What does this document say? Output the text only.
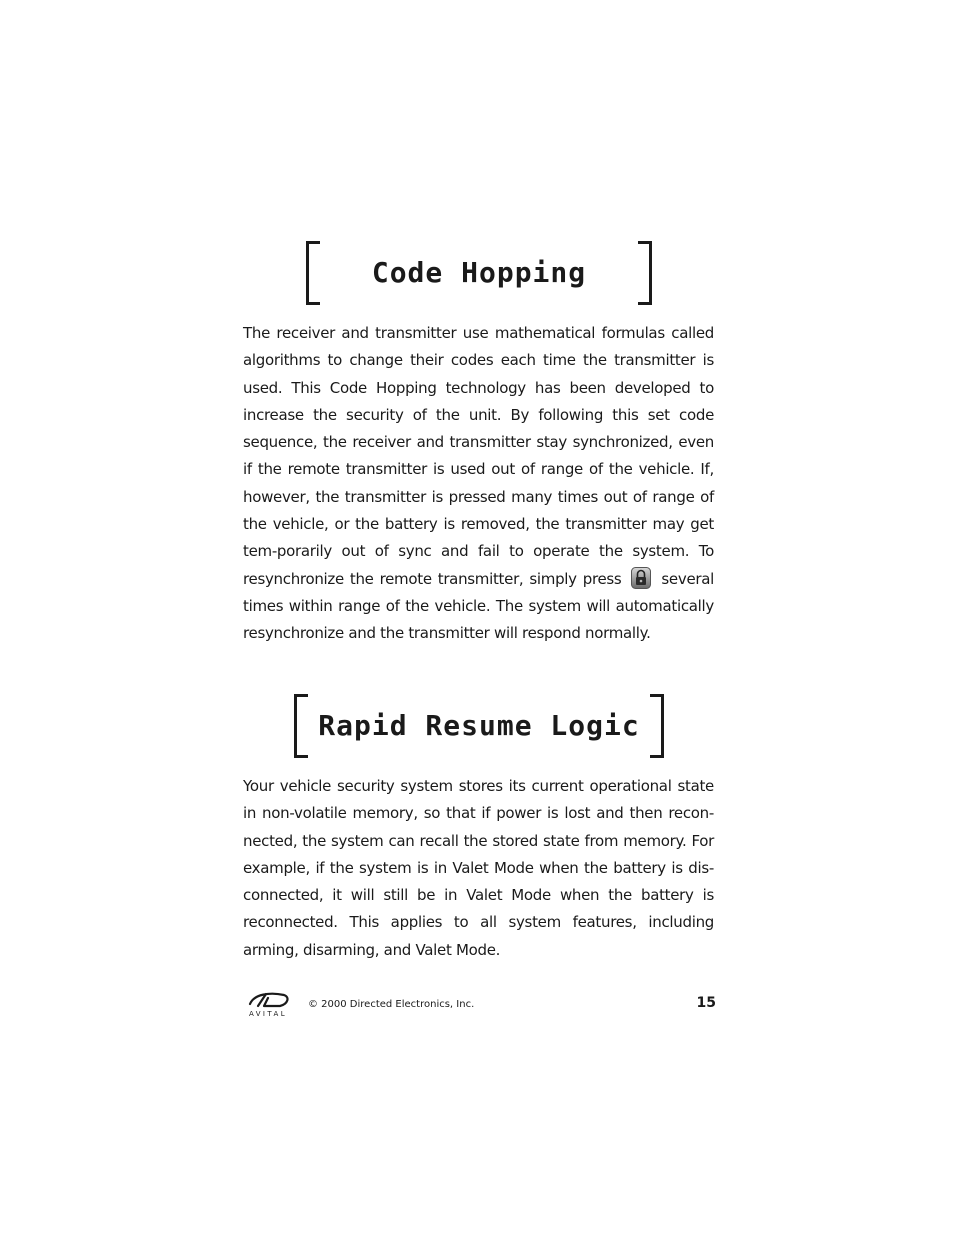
Code Hopping

The receiver and transmitter use mathematical formulas called algorithms to change their codes each time the transmitter is used. This Code Hopping technology has been developed to increase the security of the unit. By following this set code sequence, the receiver and transmitter stay synchronized, even if the remote transmitter is used out of range of the vehicle. If, however, the transmitter is pressed many times out of range of the vehicle, or the battery is removed, the transmitter may get tem-porarily out of sync and fail to operate the system. To resynchronize the remote transmitter, simply press	several times within range of the vehicle. The system will automatically resynchronize and the transmitter will respond normally.

Rapid Resume Logic

Your vehicle security system stores its current operational state in non-volatile memory, so that if power is lost and then recon-nected, the system can recall the stored state from memory. For example, if the system is in Valet Mode when the battery is dis-connected, it will still be in Valet Mode when the battery is reconnected. This applies to all system features, including arming, disarming, and Valet Mode.

AVITAL
© 2000 Directed Electronics, Inc.	15
